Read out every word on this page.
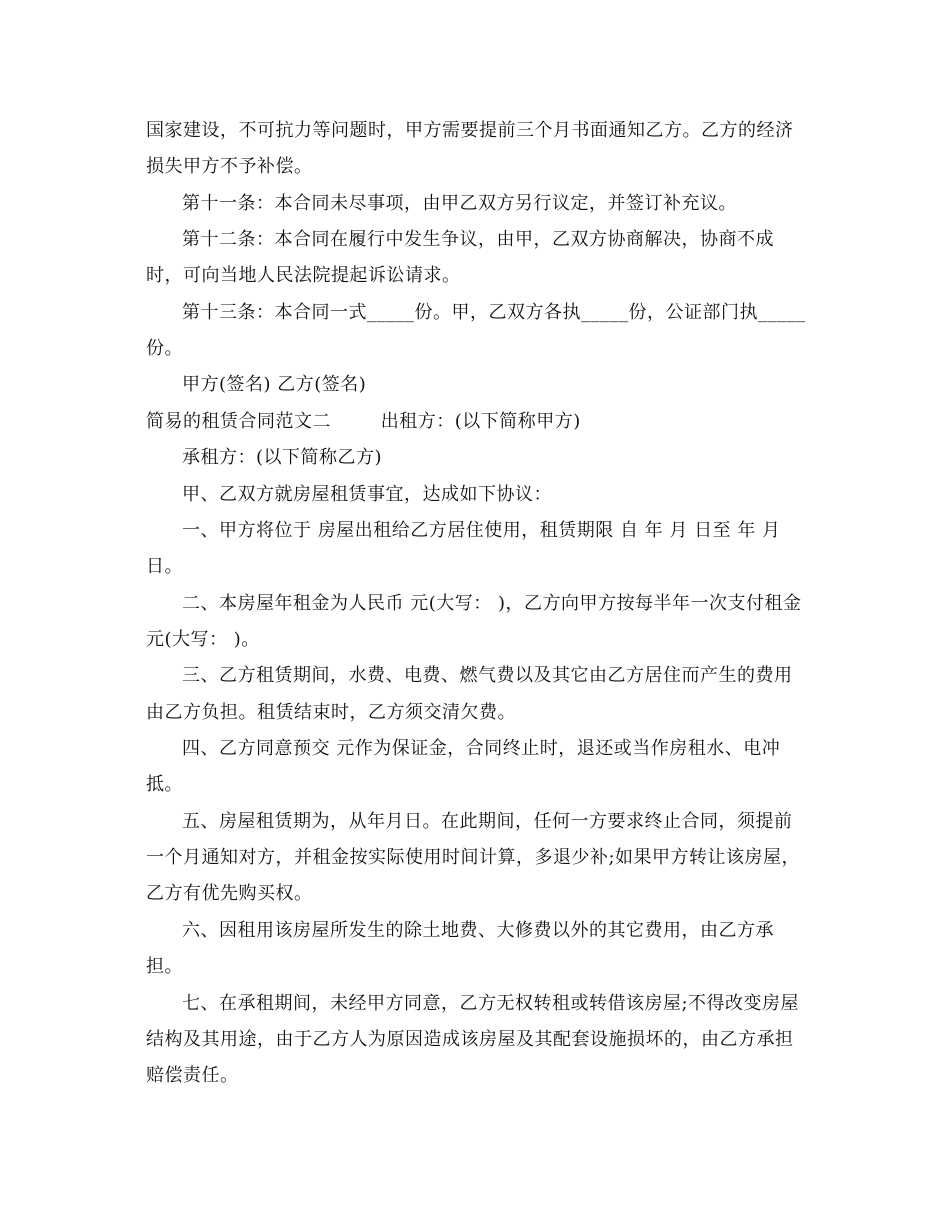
国家建设，不可抗力等问题时，甲方需要提前三个月书面通知乙方。乙方的经济
损失甲方不予补偿。
第十一条：本合同未尽事项，由甲乙双方另行议定，并签订补充议。
第十二条：本合同在履行中发生争议，由甲，乙双方协商解决，协商不成
时，可向当地人民法院提起诉讼请求。
第十三条：本合同一式_____份。甲，乙双方各执_____份，公证部门执_____
份。
甲方(签名) 乙方(签名)
简易的租赁合同范文二        出租方：(以下简称甲方)
承租方：(以下简称乙方)
甲、乙双方就房屋租赁事宜，达成如下协议：
一、甲方将位于 房屋出租给乙方居住使用，租赁期限 自 年 月 日至 年 月
日。
二、本房屋年租金为人民币 元(大写： )，乙方向甲方按每半年一次支付租金
元(大写： )。
三、乙方租赁期间，水费、电费、燃气费以及其它由乙方居住而产生的费用
由乙方负担。租赁结束时，乙方须交清欠费。
四、乙方同意预交 元作为保证金，合同终止时，退还或当作房租水、电冲
抵。
五、房屋租赁期为，从年月日。在此期间，任何一方要求终止合同，须提前
一个月通知对方，并租金按实际使用时间计算，多退少补;如果甲方转让该房屋，
乙方有优先购买权。
六、因租用该房屋所发生的除土地费、大修费以外的其它费用，由乙方承
担。
七、在承租期间，未经甲方同意，乙方无权转租或转借该房屋;不得改变房屋
结构及其用途，由于乙方人为原因造成该房屋及其配套设施损坏的，由乙方承担
赔偿责任。
